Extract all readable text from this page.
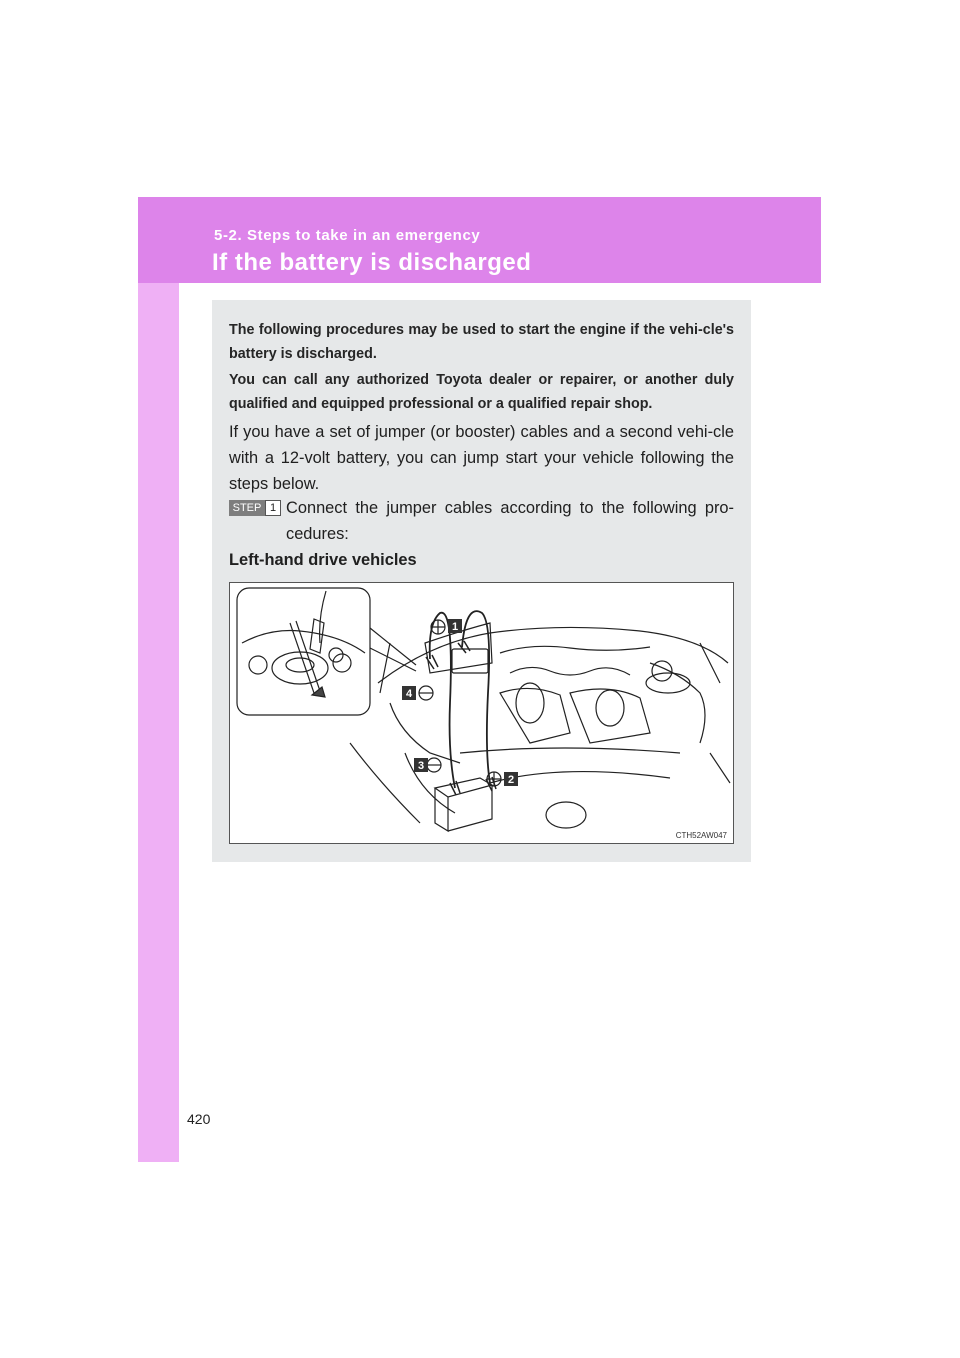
5-2. Steps to take in an emergency
If the battery is discharged

The following procedures may be used to start the engine if the vehi-cle's battery is discharged.

You can call any authorized Toyota dealer or repairer, or another duly qualified and equipped professional or a qualified repair shop.

If you have a set of jumper (or booster) cables and a second vehi-cle with a 12-volt battery, you can jump start your vehicle following the steps below.

STEP 1 Connect the jumper cables according to the following pro-cedures:

Left-hand drive vehicles

1
2
3
4
CTH52AW047
420
